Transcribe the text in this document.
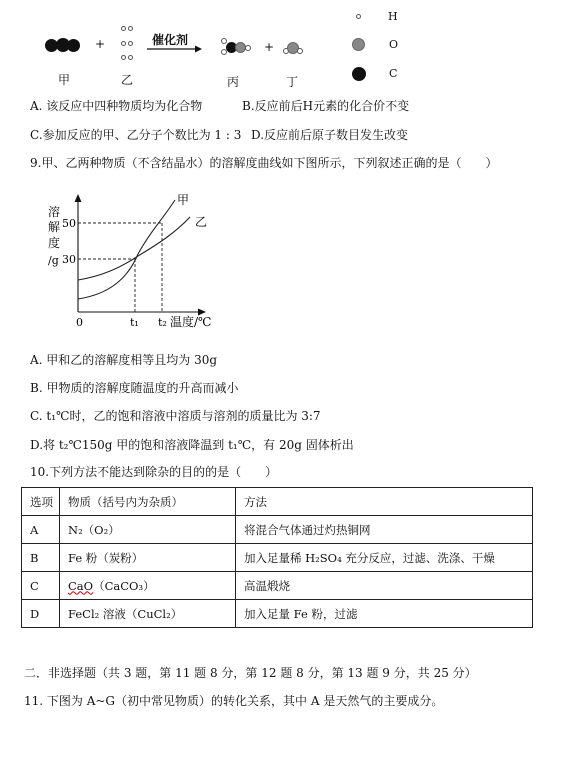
+	催化剂	+
甲	乙	丙	丁
H
O
C
A. 该反应中四种物质均为化合物	B.反应前后H元素的化合价不变
C.参加反应的甲、乙分子个数比为 1 : 3 D.反应前后原子数目发生改变
9.甲、乙两种物质（不含结晶水）的溶解度曲线如下图所示，下列叙述正确的是（　　）
溶
解
度
/g
50
30
0	t₁ t₂ 温度/℃
甲
乙
A. 甲和乙的溶解度相等且均为 30g
B. 甲物质的溶解度随温度的升高而减小
C. t₁℃时，乙的饱和溶液中溶质与溶剂的质量比为 3:7
D.将 t₂℃150g 甲的饱和溶液降温到 t₁℃，有 20g 固体析出
10.下列方法不能达到除杂的目的的是（　　）
选项	物质（括号内为杂质）	方法
A	N₂（O₂）	将混合气体通过灼热铜网
B	Fe 粉（炭粉）	加入足量稀 H₂SO₄ 充分反应，过滤、洗涤、干燥
C	CaO（CaCO₃）	高温煅烧
D	FeCl₂ 溶液（CuCl₂）	加入足量 Fe 粉，过滤
二．非选择题（共 3 题，第 11 题 8 分，第 12 题 8 分，第 13 题 9 分，共 25 分）
11. 下图为 A~G（初中常见物质）的转化关系，其中 A 是天然气的主要成分。
